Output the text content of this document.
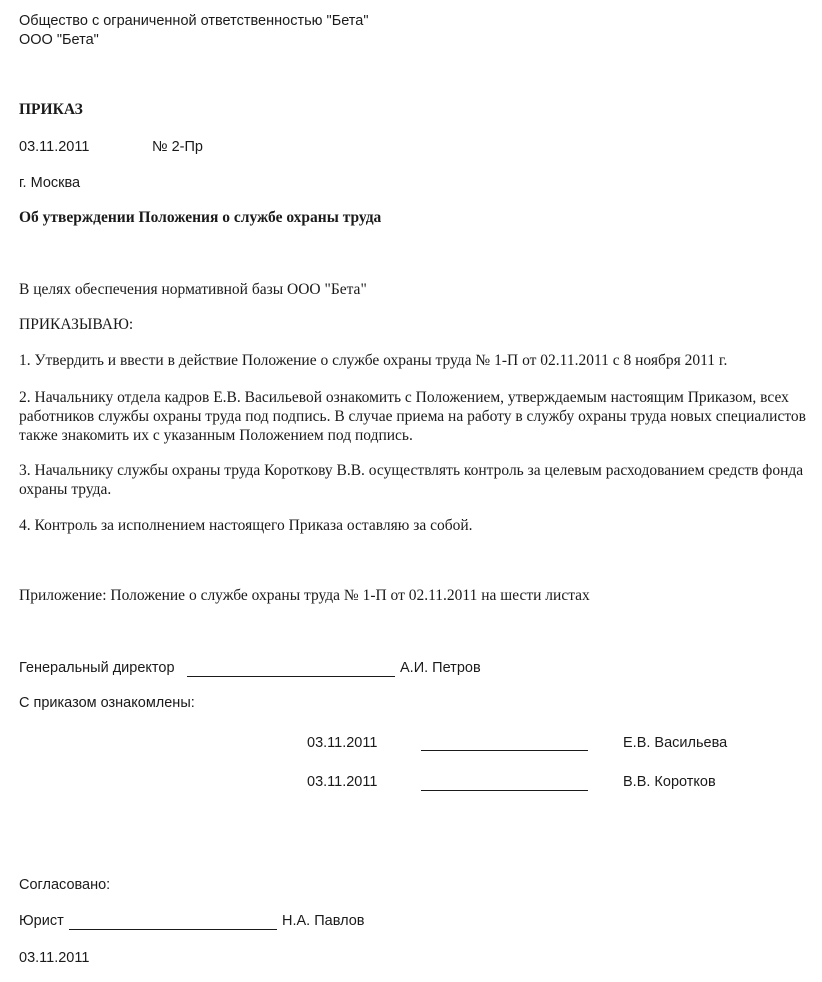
Общество с ограниченной ответственностью "Бета"
ООО "Бета"
ПРИКАЗ
03.11.2011	№ 2-Пр
г. Москва
Об утверждении Положения о службе охраны труда
В целях обеспечения нормативной базы ООО "Бета"
ПРИКАЗЫВАЮ:
1. Утвердить и ввести в действие Положение о службе охраны труда № 1-П от 02.11.2011 с 8 ноября 2011 г.
2. Начальнику отдела кадров Е.В. Васильевой ознакомить с Положением, утверждаемым настоящим Приказом, всех работников службы охраны труда под подпись. В случае приема на работу в службу охраны труда новых специалистов также знакомить их с указанным Положением под подпись.
3. Начальнику службы охраны труда Короткову В.В. осуществлять контроль за целевым расходованием средств фонда охраны труда.
4. Контроль за исполнением настоящего Приказа оставляю за собой.
Приложение: Положение о службе охраны труда № 1-П от 02.11.2011 на шести листах
Генеральный директор	А.И. Петров
С приказом ознакомлены:
03.11.2011	Е.В. Васильева
03.11.2011	В.В. Коротков
Согласовано:
Юрист	Н.А. Павлов
03.11.2011
